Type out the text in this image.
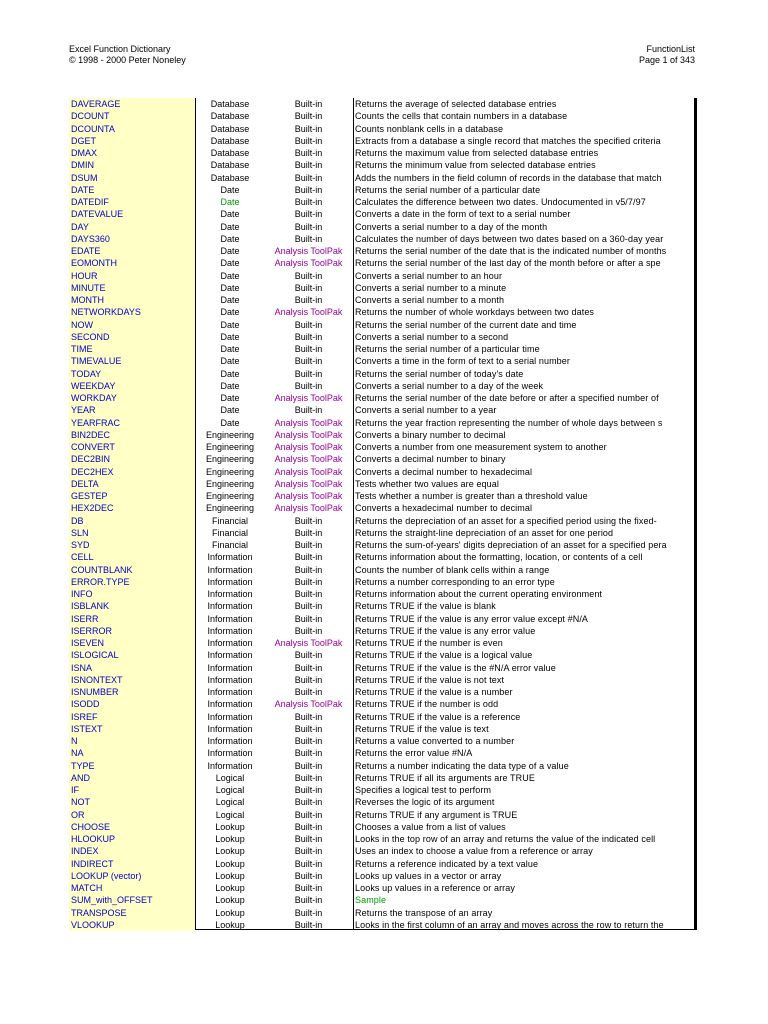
Excel Function Dictionary
© 1998 - 2000 Peter Noneley
FunctionList
Page 1 of 343
DAVERAGE	Database	Built-in	Returns the average of selected database entries
DCOUNT	Database	Built-in	Counts the cells that contain numbers in a database
DCOUNTA	Database	Built-in	Counts nonblank cells in a database
DGET	Database	Built-in	Extracts from a database a single record that matches the specified criteria
DMAX	Database	Built-in	Returns the maximum value from selected database entries
DMIN	Database	Built-in	Returns the minimum value from selected database entries
DSUM	Database	Built-in	Adds the numbers in the field column of records in the database that match
DATE	Date	Built-in	Returns the serial number of a particular date
DATEDIF	Date	Built-in	Calculates the difference between two dates. Undocumented in v5/7/97
DATEVALUE	Date	Built-in	Converts a date in the form of text to a serial number
DAY	Date	Built-in	Converts a serial number to a day of the month
DAYS360	Date	Built-in	Calculates the number of days between two dates based on a 360-day year
EDATE	Date	Analysis ToolPak	Returns the serial number of the date that is the indicated number of months
EOMONTH	Date	Analysis ToolPak	Returns the serial number of the last day of the month before or after a spe
HOUR	Date	Built-in	Converts a serial number to an hour
MINUTE	Date	Built-in	Converts a serial number to a minute
MONTH	Date	Built-in	Converts a serial number to a month
NETWORKDAYS	Date	Analysis ToolPak	Returns the number of whole workdays between two dates
NOW	Date	Built-in	Returns the serial number of the current date and time
SECOND	Date	Built-in	Converts a serial number to a second
TIME	Date	Built-in	Returns the serial number of a particular time
TIMEVALUE	Date	Built-in	Converts a time in the form of text to a serial number
TODAY	Date	Built-in	Returns the serial number of today's date
WEEKDAY	Date	Built-in	Converts a serial number to a day of the week
WORKDAY	Date	Analysis ToolPak	Returns the serial number of the date before or after a specified number of
YEAR	Date	Built-in	Converts a serial number to a year
YEARFRAC	Date	Analysis ToolPak	Returns the year fraction representing the number of whole days between s
BIN2DEC	Engineering	Analysis ToolPak	Converts a binary number to decimal
CONVERT	Engineering	Analysis ToolPak	Converts a number from one measurement system to another
DEC2BIN	Engineering	Analysis ToolPak	Converts a decimal number to binary
DEC2HEX	Engineering	Analysis ToolPak	Converts a decimal number to hexadecimal
DELTA	Engineering	Analysis ToolPak	Tests whether two values are equal
GESTEP	Engineering	Analysis ToolPak	Tests whether a number is greater than a threshold value
HEX2DEC	Engineering	Analysis ToolPak	Converts a hexadecimal number to decimal
DB	Financial	Built-in	Returns the depreciation of an asset for a specified period using the fixed-
SLN	Financial	Built-in	Returns the straight-line depreciation of an asset for one period
SYD	Financial	Built-in	Returns the sum-of-years' digits depreciation of an asset for a specified pera
CELL	Information	Built-in	Returns information about the formatting, location, or contents of a cell
COUNTBLANK	Information	Built-in	Counts the number of blank cells within a range
ERROR.TYPE	Information	Built-in	Returns a number corresponding to an error type
INFO	Information	Built-in	Returns information about the current operating environment
ISBLANK	Information	Built-in	Returns TRUE if the value is blank
ISERR	Information	Built-in	Returns TRUE if the value is any error value except #N/A
ISERROR	Information	Built-in	Returns TRUE if the value is any error value
ISEVEN	Information	Analysis ToolPak	Returns TRUE if the number is even
ISLOGICAL	Information	Built-in	Returns TRUE if the value is a logical value
ISNA	Information	Built-in	Returns TRUE if the value is the #N/A error value
ISNONTEXT	Information	Built-in	Returns TRUE if the value is not text
ISNUMBER	Information	Built-in	Returns TRUE if the value is a number
ISODD	Information	Analysis ToolPak	Returns TRUE if the number is odd
ISREF	Information	Built-in	Returns TRUE if the value is a reference
ISTEXT	Information	Built-in	Returns TRUE if the value is text
N	Information	Built-in	Returns a value converted to a number
NA	Information	Built-in	Returns the error value #N/A
TYPE	Information	Built-in	Returns a number indicating the data type of a value
AND	Logical	Built-in	Returns TRUE if all its arguments are TRUE
IF	Logical	Built-in	Specifies a logical test to perform
NOT	Logical	Built-in	Reverses the logic of its argument
OR	Logical	Built-in	Returns TRUE if any argument is TRUE
CHOOSE	Lookup	Built-in	Chooses a value from a list of values
HLOOKUP	Lookup	Built-in	Looks in the top row of an array and returns the value of the indicated cell
INDEX	Lookup	Built-in	Uses an index to choose a value from a reference or array
INDIRECT	Lookup	Built-in	Returns a reference indicated by a text value
LOOKUP (vector)	Lookup	Built-in	Looks up values in a vector or array
MATCH	Lookup	Built-in	Looks up values in a reference or array
SUM_with_OFFSET	Lookup	Built-in	Sample
TRANSPOSE	Lookup	Built-in	Returns the transpose of an array
VLOOKUP	Lookup	Built-in	Looks in the first column of an array and moves across the row to return the
